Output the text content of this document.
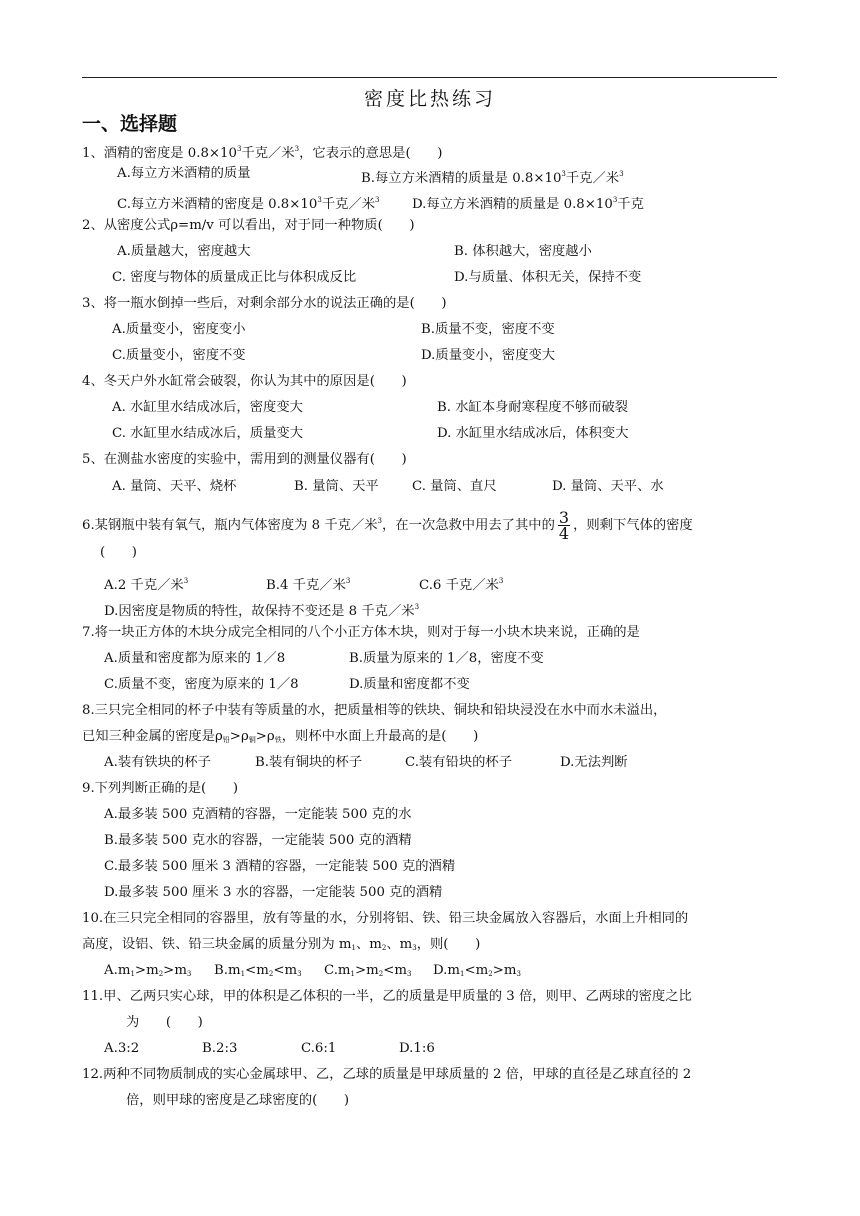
密度比热练习
一、选择题
1、酒精的密度是 $0.8\times 10^3$千克／米$^3$，它表示的意思是(　　)
A.每立方米酒精的质量	B.每立方米酒精的质量是 $0.8\times 10^3$千克／米$^3$
C.每立方米酒精的密度是 $0.8\times 10^3$千克／米$^3$ D.每立方米酒精的质量是 $0.8\times 10^3$千克
2、从密度公式ρ=m/v 可以看出，对于同一种物质(　　)
A.质量越大，密度越大	B. 体积越大，密度越小
C. 密度与物体的质量成正比与体积成反比	D.与质量、体积无关，保持不变
3、将一瓶水倒掉一些后，对剩余部分水的说法正确的是(　　)
A.质量变小，密度变小	B.质量不变，密度不变
C.质量变小，密度不变	D.质量变小，密度变大
4、冬天户外水缸常会破裂，你认为其中的原因是(　　)
A. 水缸里水结成冰后，密度变大	B. 水缸本身耐寒程度不够而破裂
C. 水缸里水结成冰后，质量变大	D. 水缸里水结成冰后，体积变大
5、在测盐水密度的实验中，需用到的测量仪器有(　　)
A. 量筒、天平、烧杯	B. 量筒、天平	C. 量筒、直尺	D. 量筒、天平、水
6.某钢瓶中装有氧气，瓶内气体密度为 8 千克／米$^3$，在一次急救中用去了其中的 $\frac{3}{4}$ ，则剩下气体的密度
(　　)
A.2 千克／米$^3$	B.4 千克／米$^3$	C.6 千克／米$^3$
D.因密度是物质的特性，故保持不变还是 8 千克／米$^3$
7.将一块正方体的木块分成完全相同的八个小正方体木块，则对于每一小块木块来说，正确的是
A.质量和密度都为原来的 1／8	B.质量为原来的 1／8，密度不变
C.质量不变，密度为原来的 1／8	D.质量和密度都不变
8.三只完全相同的杯子中装有等质量的水，把质量相等的铁块、铜块和铅块浸没在水中而水未溢出，
已知三种金属的密度是$\rho_铅>\rho_铜>\rho_铁$，则杯中水面上升最高的是(　　)
A.装有铁块的杯子	B.装有铜块的杯子	C.装有铅块的杯子	D.无法判断
9.下列判断正确的是(　　)
A.最多装 500 克酒精的容器，一定能装 500 克的水
B.最多装 500 克水的容器，一定能装 500 克的酒精
C.最多装 500 厘米 3 酒精的容器，一定能装 500 克的酒精
D.最多装 500 厘米 3 水的容器，一定能装 500 克的酒精
10.在三只完全相同的容器里，放有等量的水，分别将铝、铁、铅三块金属放入容器后，水面上升相同的
高度，设铝、铁、铅三块金属的质量分别为 $m_1$、$m_2$、$m_3$，则(　　)
$A.m_1>m_2>m_3$ $B.m_1<m_2<m_3$ $C.m_1>m_2<m_3$ $D.m_1<m_2>m_3$
11.甲、乙两只实心球，甲的体积是乙体积的一半，乙的质量是甲质量的 3 倍，则甲、乙两球的密度之比
为　　(　　)
A.3:2	B.2:3	C.6:1	D.1:6
12.两种不同物质制成的实心金属球甲、乙，乙球的质量是甲球质量的 2 倍，甲球的直径是乙球直径的 2
倍，则甲球的密度是乙球密度的(　　)
